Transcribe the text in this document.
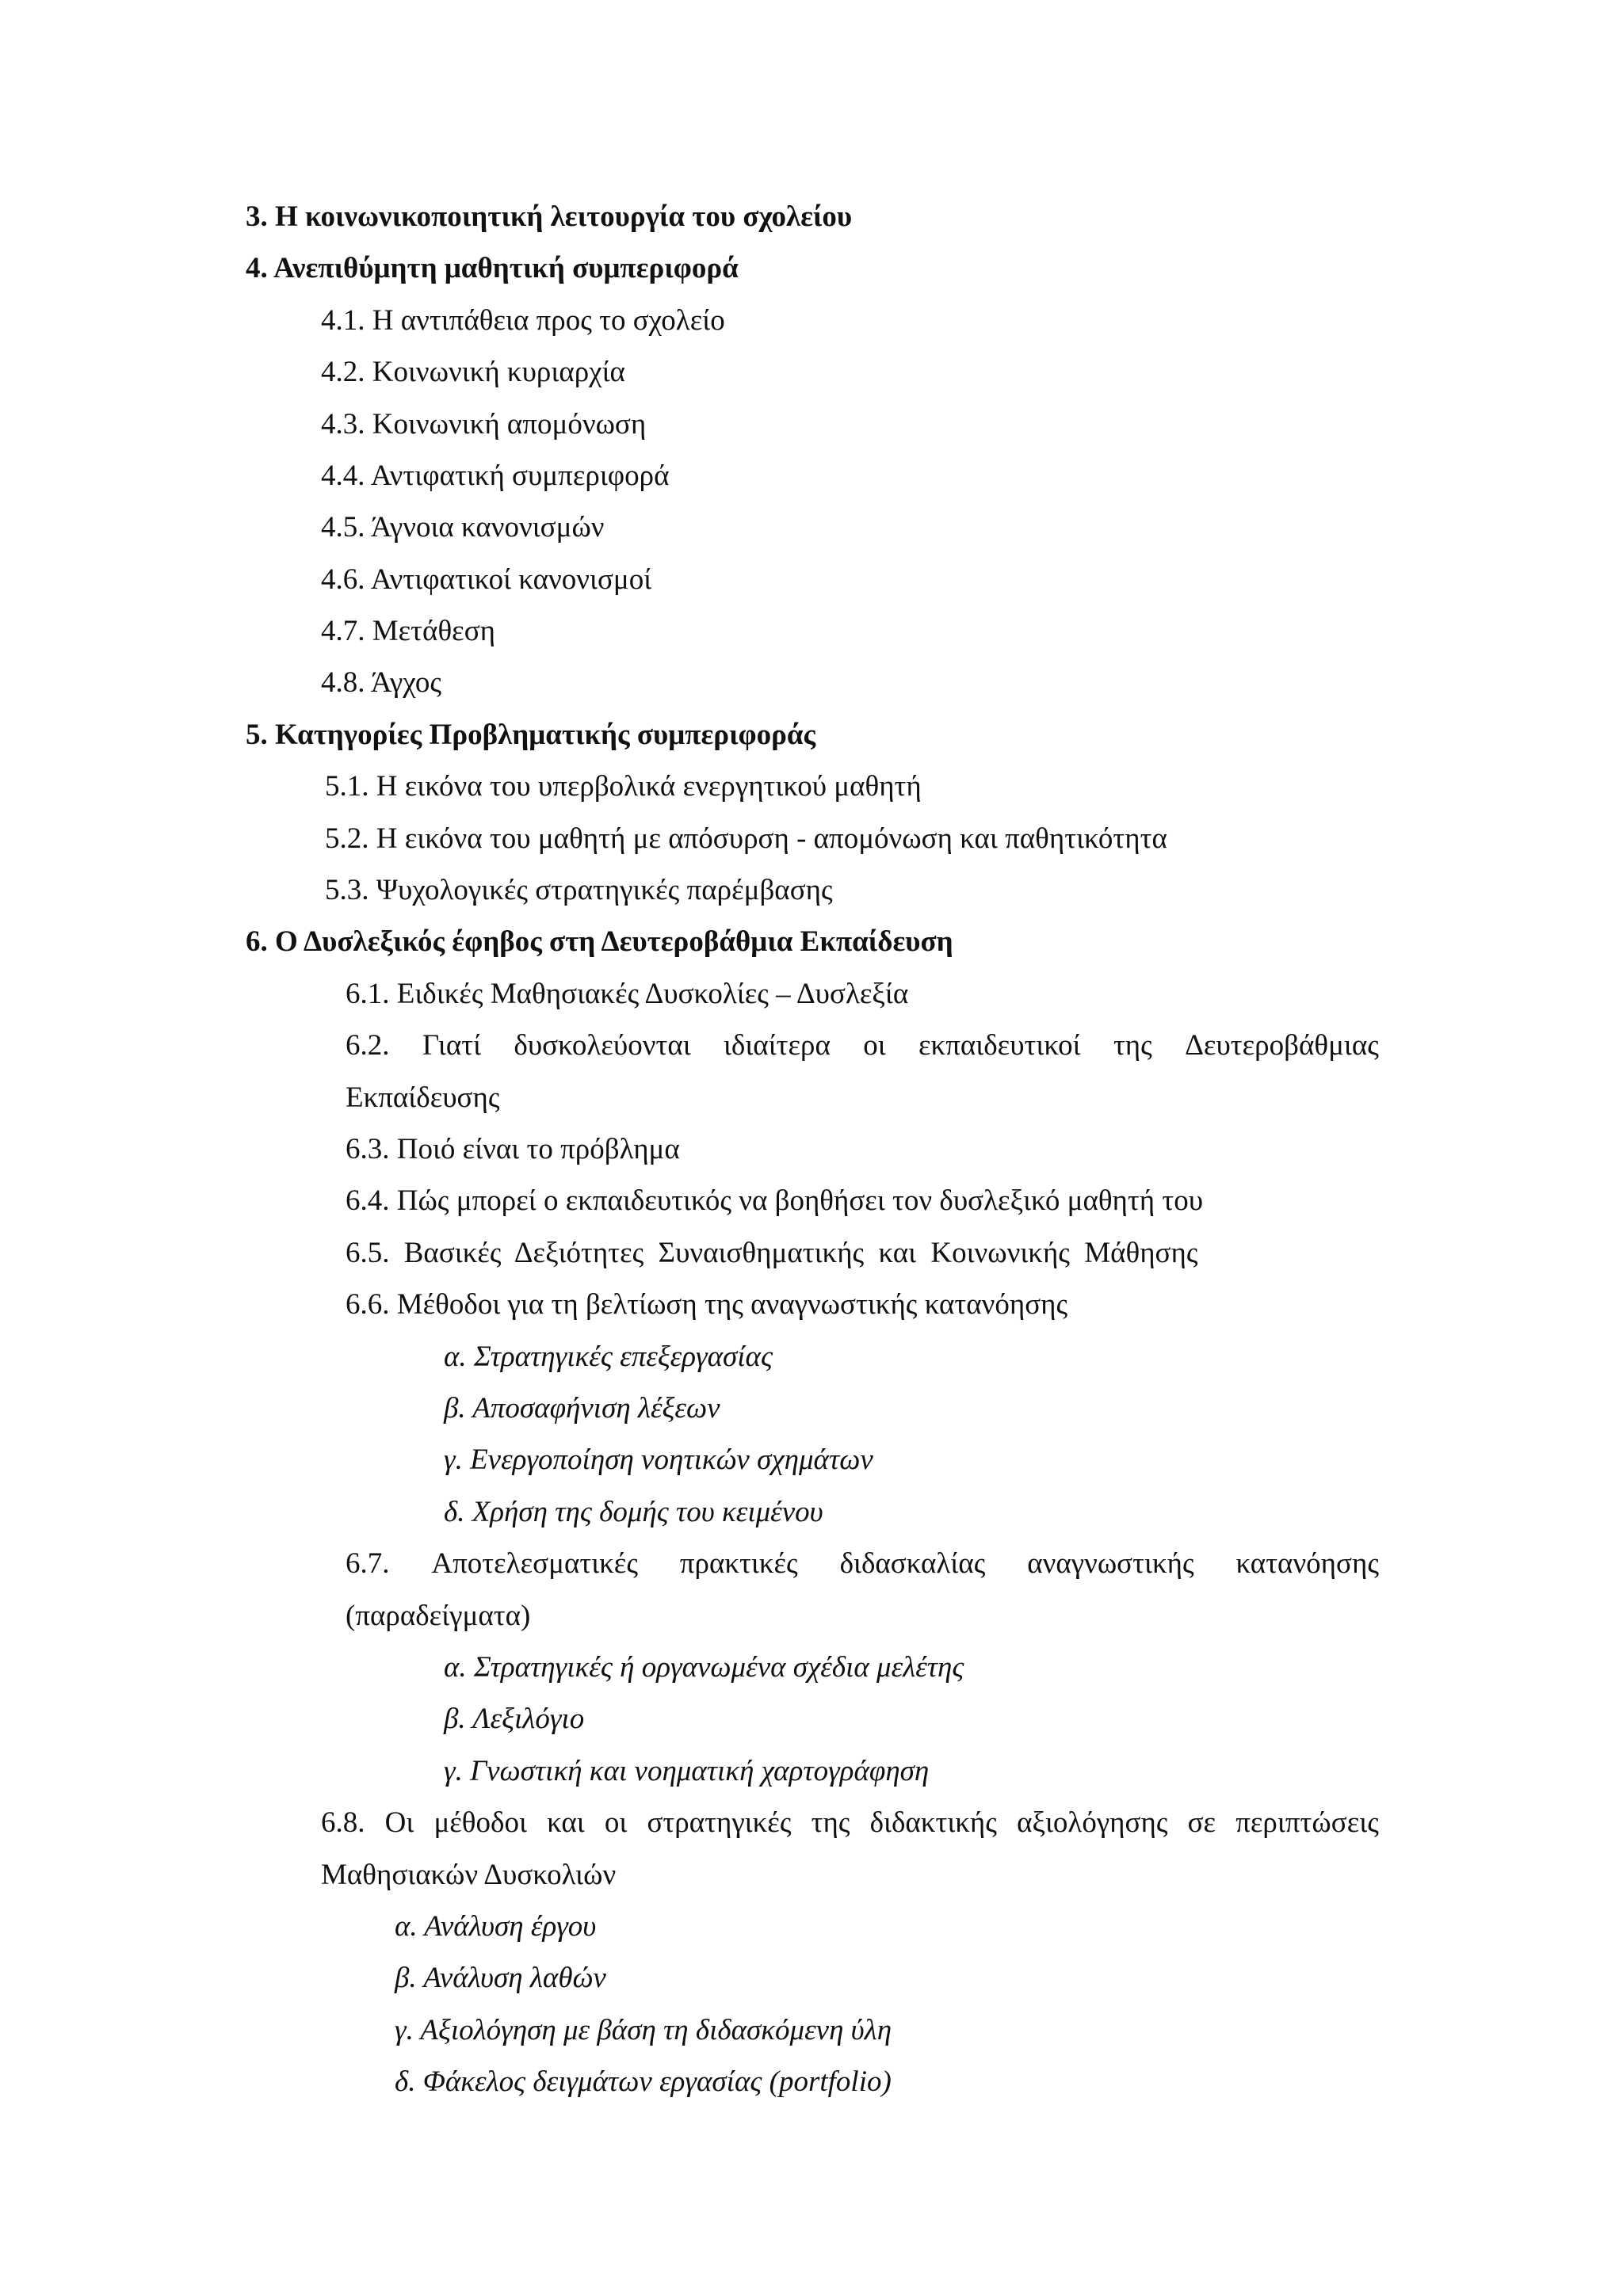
3. Η κοινωνικοποιητική λειτουργία του σχολείου
4. Ανεπιθύμητη μαθητική συμπεριφορά
4.1. Η αντιπάθεια προς το σχολείο
4.2. Κοινωνική κυριαρχία
4.3. Κοινωνική απομόνωση
4.4. Αντιφατική συμπεριφορά
4.5. Άγνοια κανονισμών
4.6. Αντιφατικοί κανονισμοί
4.7. Μετάθεση
4.8. Άγχος
5. Κατηγορίες Προβληματικής συμπεριφοράς
5.1. Η εικόνα του υπερβολικά ενεργητικού μαθητή
5.2. Η εικόνα του μαθητή με απόσυρση - απομόνωση και παθητικότητα
5.3. Ψυχολογικές στρατηγικές παρέμβασης
6. Ο Δυσλεξικός έφηβος στη Δευτεροβάθμια Εκπαίδευση
6.1. Ειδικές Μαθησιακές Δυσκολίες – Δυσλεξία
6.2. Γιατί δυσκολεύονται ιδιαίτερα οι εκπαιδευτικοί της Δευτεροβάθμιας
Εκπαίδευσης
6.3. Ποιό είναι το πρόβλημα
6.4. Πώς μπορεί ο εκπαιδευτικός να βοηθήσει τον δυσλεξικό μαθητή του
6.5. Βασικές Δεξιότητες Συναισθηματικής και Κοινωνικής Μάθησης
6.6. Μέθοδοι για τη βελτίωση της αναγνωστικής κατανόησης
α. Στρατηγικές επεξεργασίας
β. Αποσαφήνιση λέξεων
γ. Ενεργοποίηση νοητικών σχημάτων
δ. Χρήση της δομής του κειμένου
6.7. Αποτελεσματικές πρακτικές διδασκαλίας αναγνωστικής κατανόησης
(παραδείγματα)
α. Στρατηγικές ή οργανωμένα σχέδια μελέτης
β. Λεξιλόγιο
γ. Γνωστική και νοηματική χαρτογράφηση
6.8. Οι μέθοδοι και οι στρατηγικές της διδακτικής αξιολόγησης σε περιπτώσεις
Μαθησιακών Δυσκολιών
α. Ανάλυση έργου
β. Ανάλυση λαθών
γ. Αξιολόγηση με βάση τη διδασκόμενη ύλη
δ. Φάκελος δειγμάτων εργασίας (portfolio)
